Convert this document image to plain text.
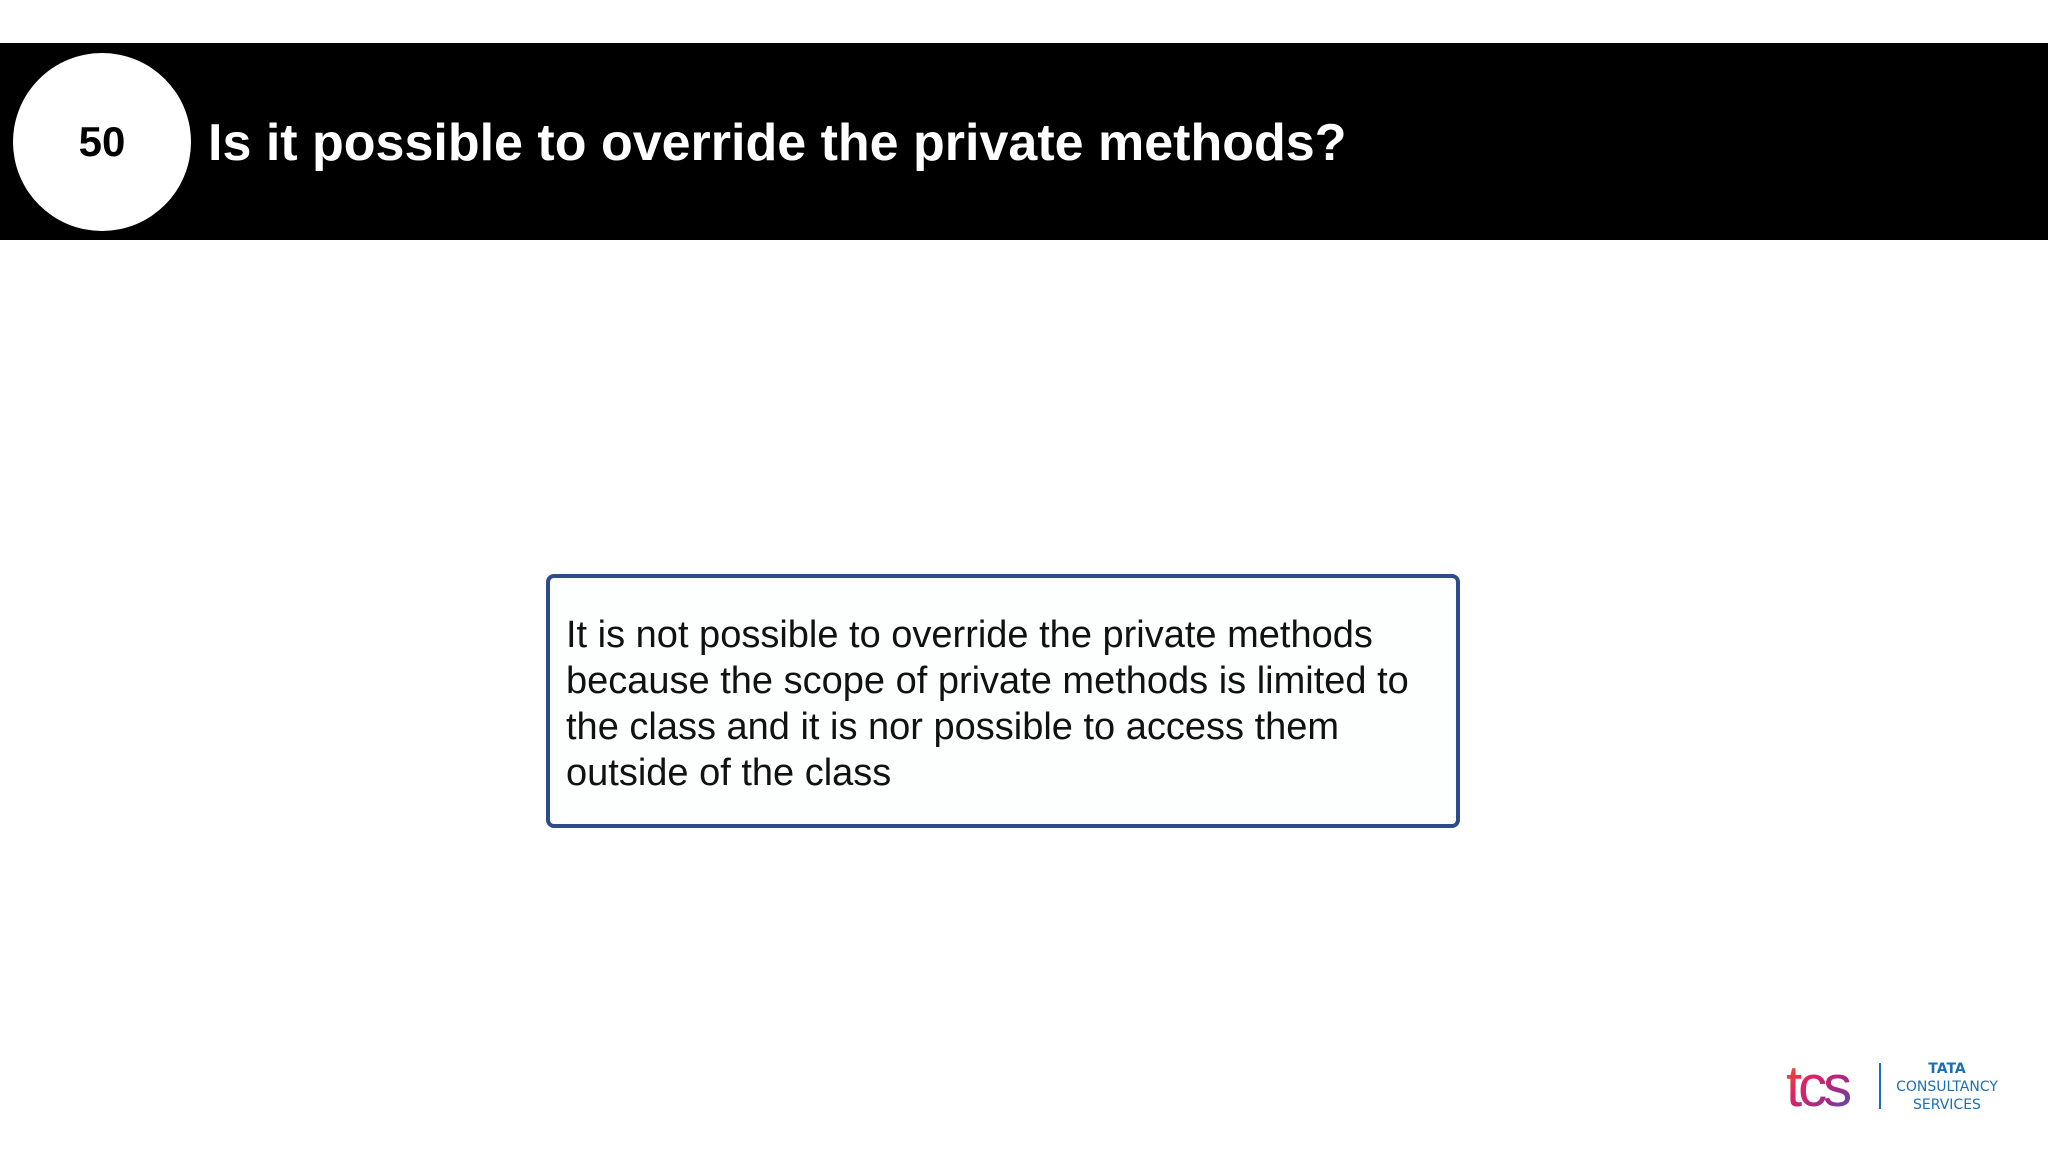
50 Is it possible to override the private methods?
It is not possible to override the private methods because the scope of private methods is limited to the class and it is nor possible to access them outside of the class
tcs	TATA
CONSULTANCY
SERVICES
